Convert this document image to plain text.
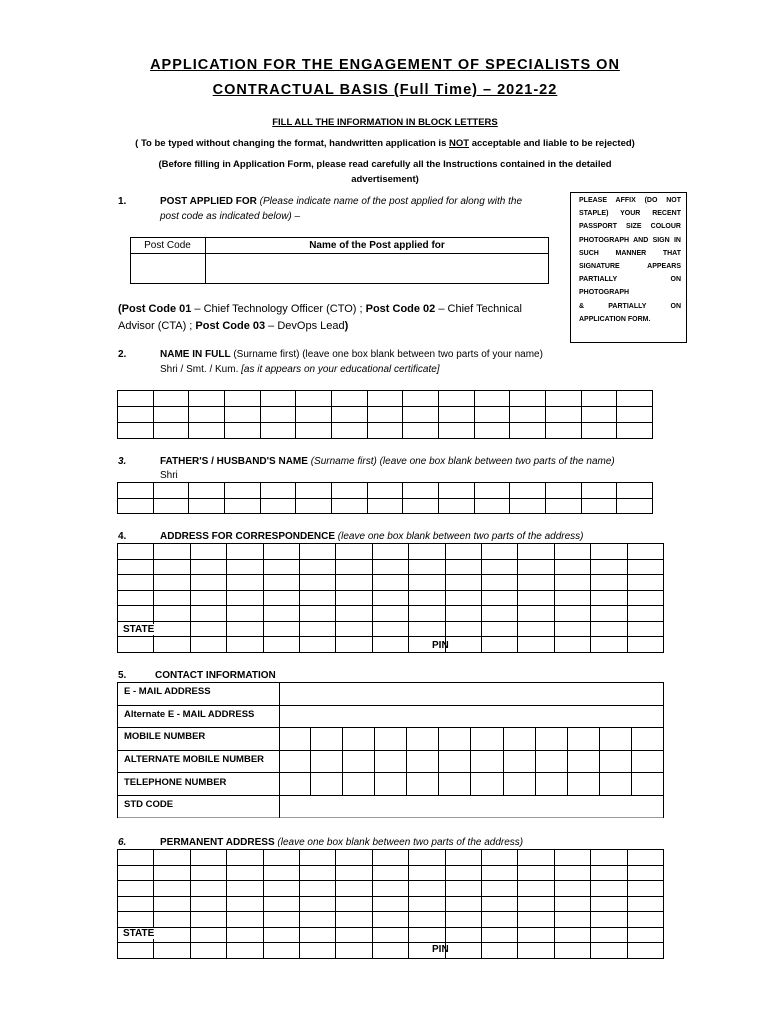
APPLICATION FOR THE ENGAGEMENT OF SPECIALISTS ON
CONTRACTUAL BASIS (Full Time) – 2021-22
FILL ALL THE INFORMATION IN BLOCK LETTERS
( To be typed without changing the format, handwritten application is NOT acceptable and liable to be rejected)
(Before filling in Application Form, please read carefully all the Instructions contained in the detailed
advertisement)
PLEASE AFFIX (DO NOT
STAPLE) YOUR RECENT
PASSPORT SIZE COLOUR
PHOTOGRAPH AND SIGN IN
SUCH MANNER THAT
SIGNATURE APPEARS
PARTIALLY ON PHOTOGRAPH
& PARTIALLY ON
APPLICATION FORM.
1.	POST APPLIED FOR (Please indicate name of the post applied for along with the
post code as indicated below) –
Post Code	Name of the Post applied for
(Post Code 01 – Chief Technology Officer (CTO) ; Post Code 02 – Chief Technical
Advisor (CTA) ; Post Code 03 – DevOps Lead)
2.	NAME IN FULL (Surname first) (leave one box blank between two parts of your name)
Shri / Smt. / Kum. [as it appears on your educational certificate]
3.	FATHER'S / HUSBAND'S NAME (Surname first) (leave one box blank between two parts of the name)
Shri
4.	ADDRESS FOR CORRESPONDENCE (leave one box blank between two parts of the address)
STATE
PIN
5.	CONTACT INFORMATION
E - MAIL ADDRESS
Alternate E - MAIL ADDRESS
MOBILE NUMBER
ALTERNATE MOBILE NUMBER
TELEPHONE NUMBER
STD CODE
6.	PERMANENT ADDRESS (leave one box blank between two parts of the address)
STATE
PIN
